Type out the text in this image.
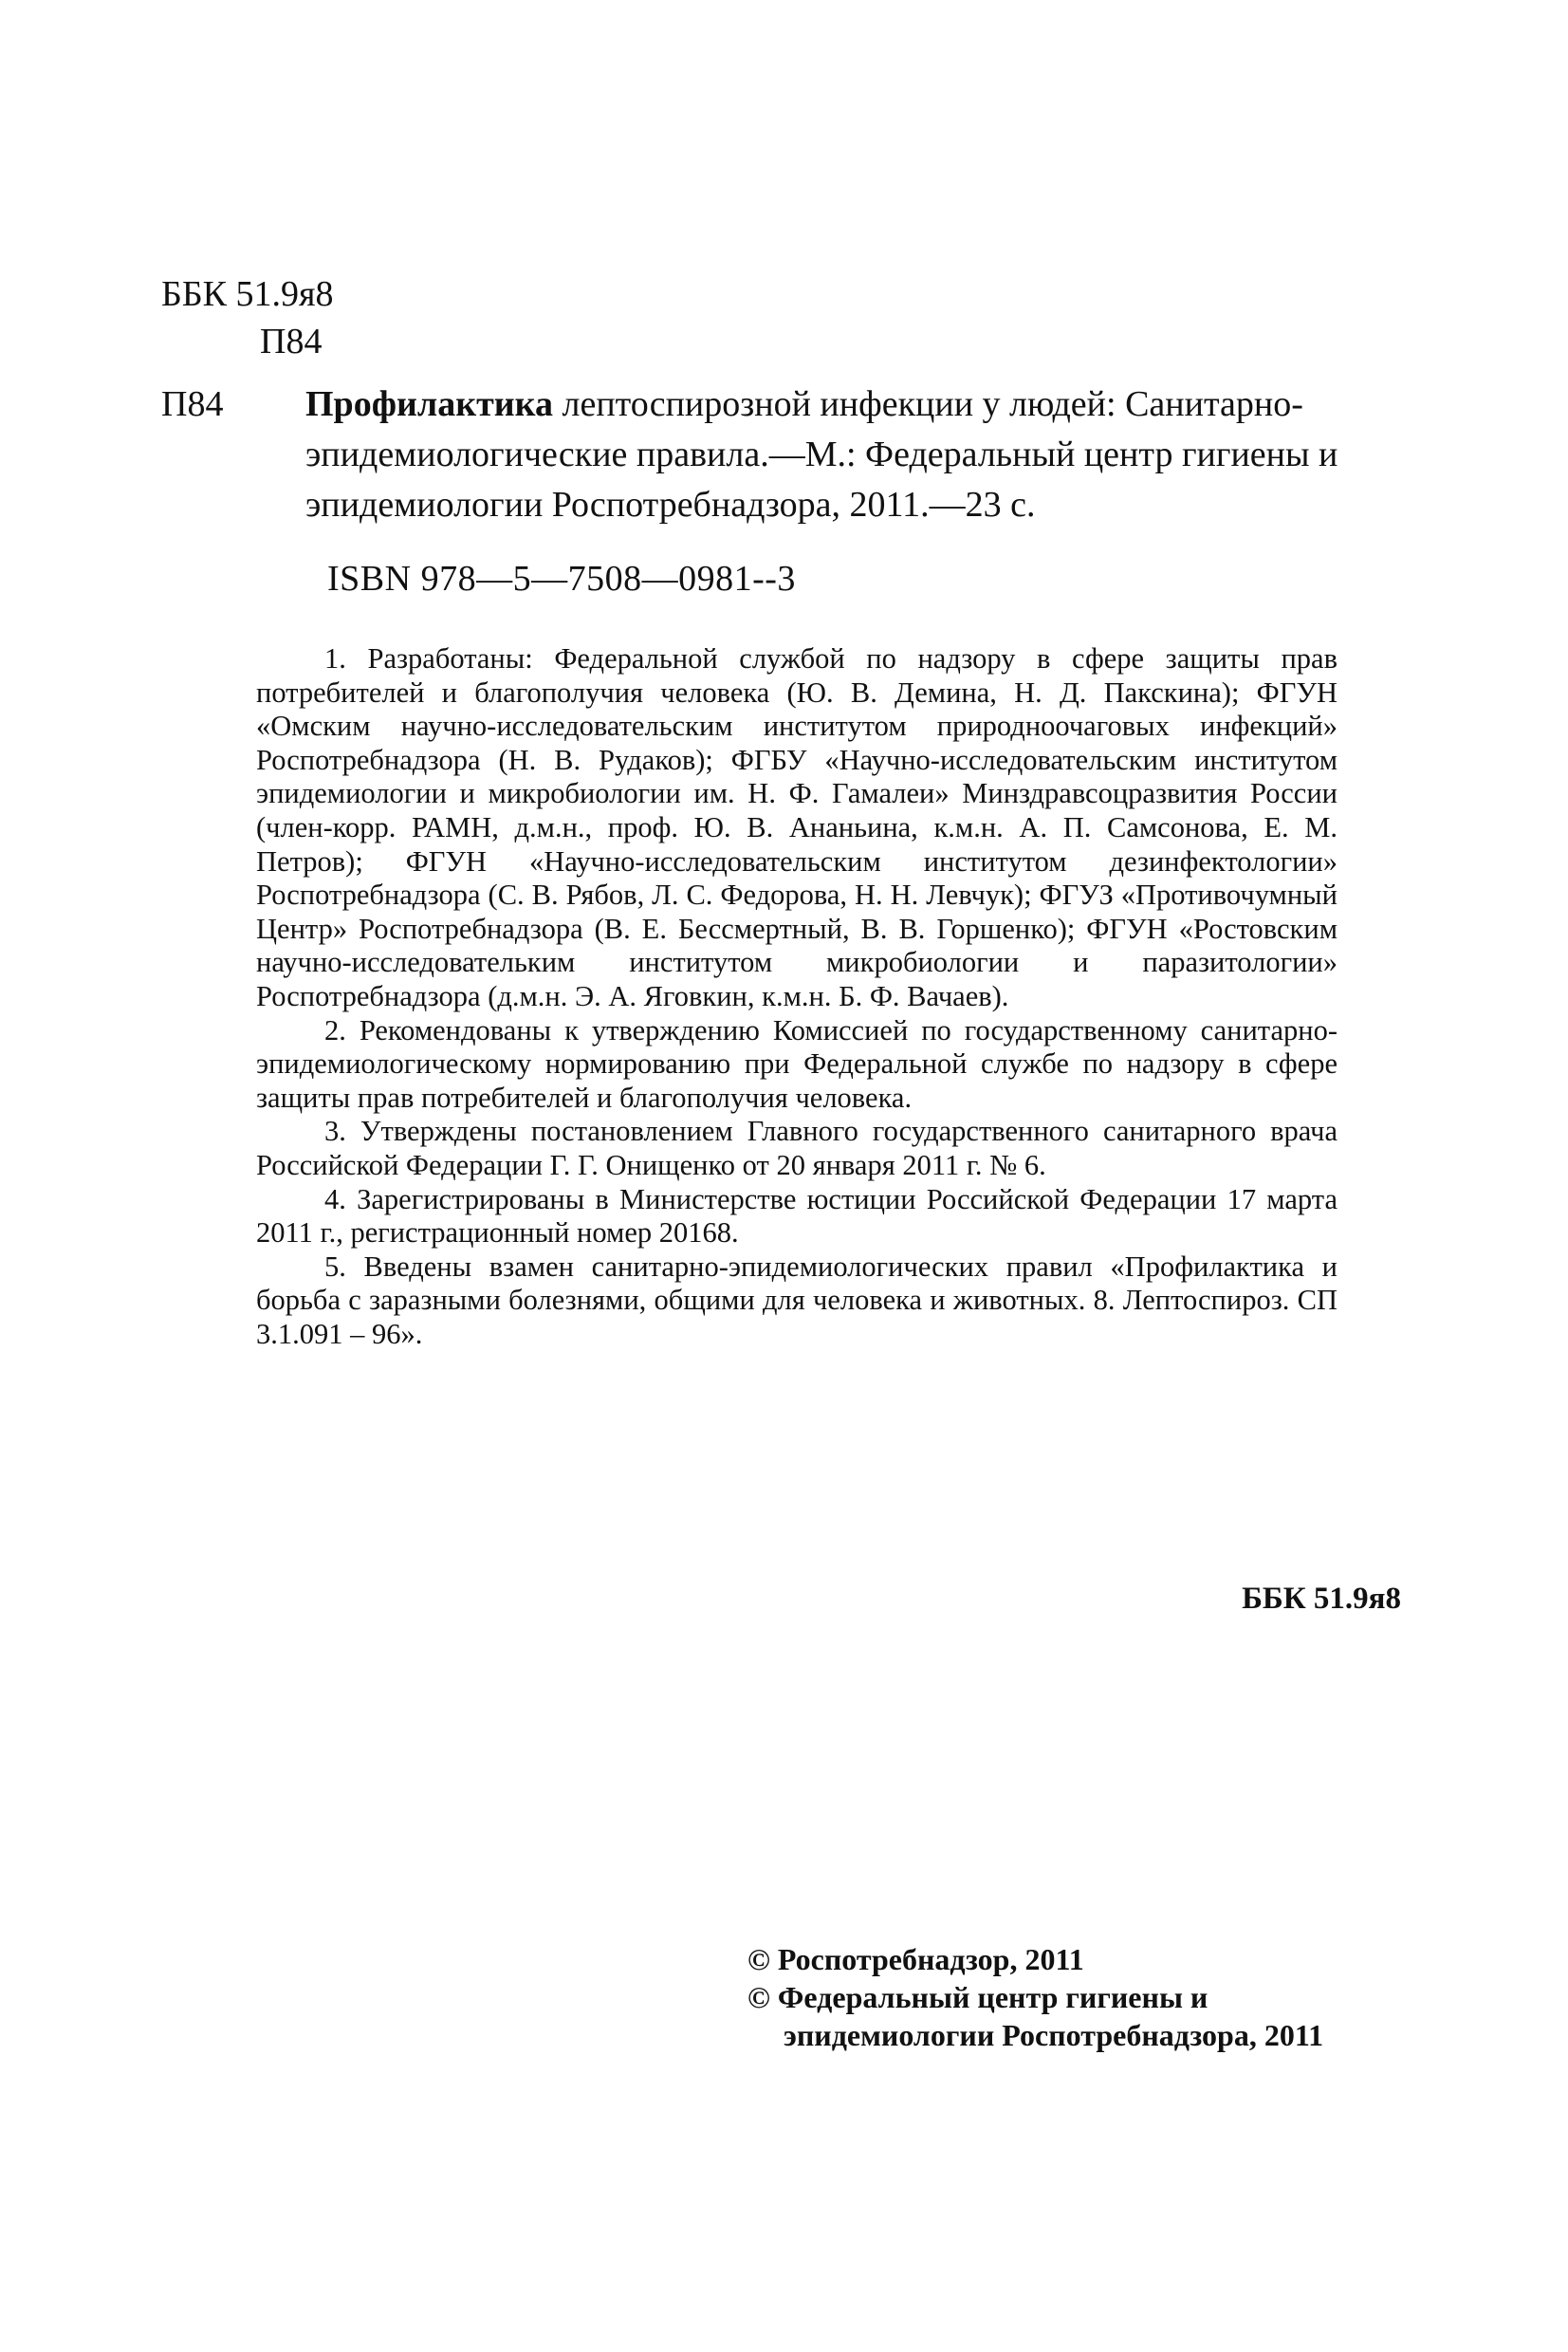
ББК 51.9я8
П84
П84 Профилактика лептоспирозной инфекции у людей: Санитарно-эпидемиологические правила.—М.: Федеральный центр гигиены и эпидемиологии Роспотребнадзора, 2011.—23 с.
ISBN 978—5—7508—0981--3

1. Разработаны: Федеральной службой по надзору в сфере защиты прав потребителей и благополучия человека (Ю. В. Демина, Н. Д. Пакскина); ФГУН «Омским научно-исследовательским институтом природноочаговых инфекций» Роспотребнадзора (Н. В. Рудаков); ФГБУ «Научно-исследовательским институтом эпидемиологии и микробиологии им. Н. Ф. Гамалеи» Минздравсоцразвития России (член-корр. РАМН, д.м.н., проф. Ю. В. Ананьина, к.м.н. А. П. Самсонова, Е. М. Петров); ФГУН «Научно-исследовательским институтом дезинфектологии» Роспотребнадзора (С. В. Рябов, Л. С. Федорова, Н. Н. Левчук); ФГУЗ «Противочумный Центр» Роспотребнадзора (В. Е. Бессмертный, В. В. Горшенко); ФГУН «Ростовским научно-исследовательким институтом микробиологии и паразитологии» Роспотребнадзора (д.м.н. Э. А. Яговкин, к.м.н. Б. Ф. Вачаев).

2. Рекомендованы к утверждению Комиссией по государственному санитарно-эпидемиологическому нормированию при Федеральной службе по надзору в сфере защиты прав потребителей и благополучия человека.

3. Утверждены постановлением Главного государственного санитарного врача Российской Федерации Г. Г. Онищенко от 20 января 2011 г. № 6.

4. Зарегистрированы в Министерстве юстиции Российской Федерации 17 марта 2011 г., регистрационный номер 20168.

5. Введены взамен санитарно-эпидемиологических правил «Профилактика и борьба с заразными болезнями, общими для человека и животных. 8. Лептоспироз. СП 3.1.091 – 96».

ББК 51.9я8
© Роспотребнадзор, 2011
© Федеральный центр гигиены и
эпидемиологии Роспотребнадзора, 2011
